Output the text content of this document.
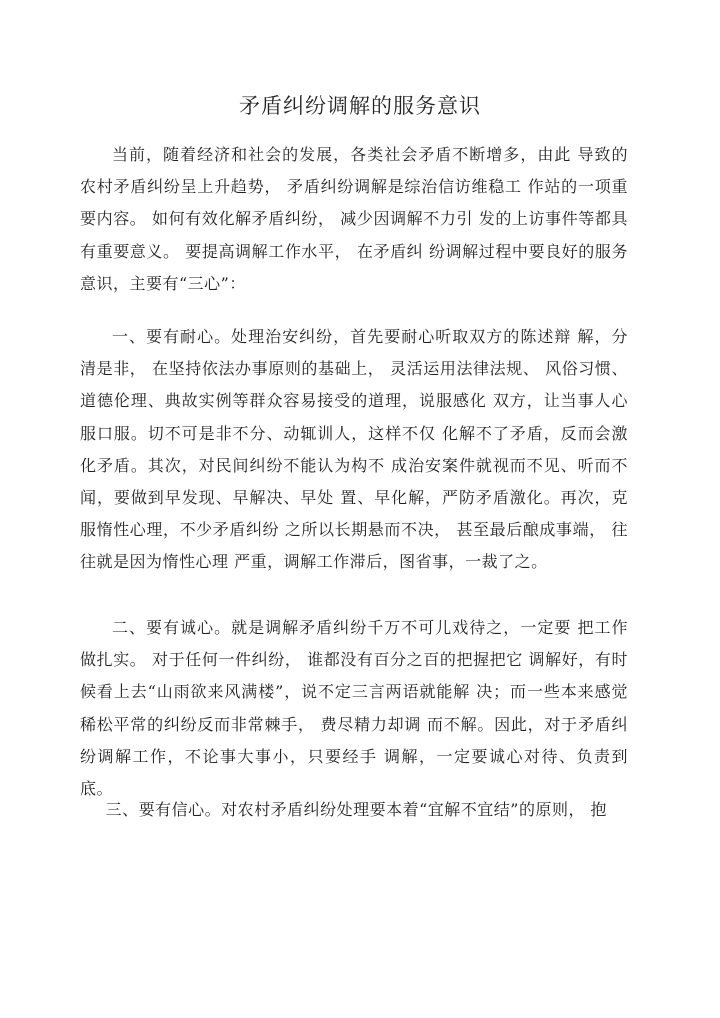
矛盾纠纷调解的服务意识

当前，随着经济和社会的发展，各类社会矛盾不断增多，由此 导致的农村矛盾纠纷呈上升趋势， 矛盾纠纷调解是综治信访维稳工 作站的一项重要内容。 如何有效化解矛盾纠纷， 减少因调解不力引 发的上访事件等都具有重要意义。 要提高调解工作水平， 在矛盾纠 纷调解过程中要良好的服务意识，主要有“三心”：

一、要有耐心。处理治安纠纷，首先要耐心听取双方的陈述辩 解，分清是非， 在坚持依法办事原则的基础上， 灵活运用法律法规、 风俗习惯、道德伦理、典故实例等群众容易接受的道理，说服感化 双方，让当事人心服口服。切不可是非不分、动辄训人，这样不仅 化解不了矛盾，反而会激化矛盾。其次，对民间纠纷不能认为构不 成治安案件就视而不见、听而不闻，要做到早发现、早解决、早处 置、早化解，严防矛盾激化。再次，克服惰性心理，不少矛盾纠纷 之所以长期悬而不决， 甚至最后酿成事端， 往往就是因为惰性心理 严重，调解工作滞后，图省事，一裁了之。

二、要有诚心。就是调解矛盾纠纷千万不可儿戏待之，一定要 把工作做扎实。 对于任何一件纠纷， 谁都没有百分之百的把握把它 调解好，有时候看上去“山雨欲来风满楼”，说不定三言两语就能解 决；而一些本来感觉稀松平常的纠纷反而非常棘手， 费尽精力却调 而不解。因此，对于矛盾纠纷调解工作，不论事大事小，只要经手 调解，一定要诚心对待、负责到底。

三、要有信心。对农村矛盾纠纷处理要本着“宜解不宜结”的原则， 抱
